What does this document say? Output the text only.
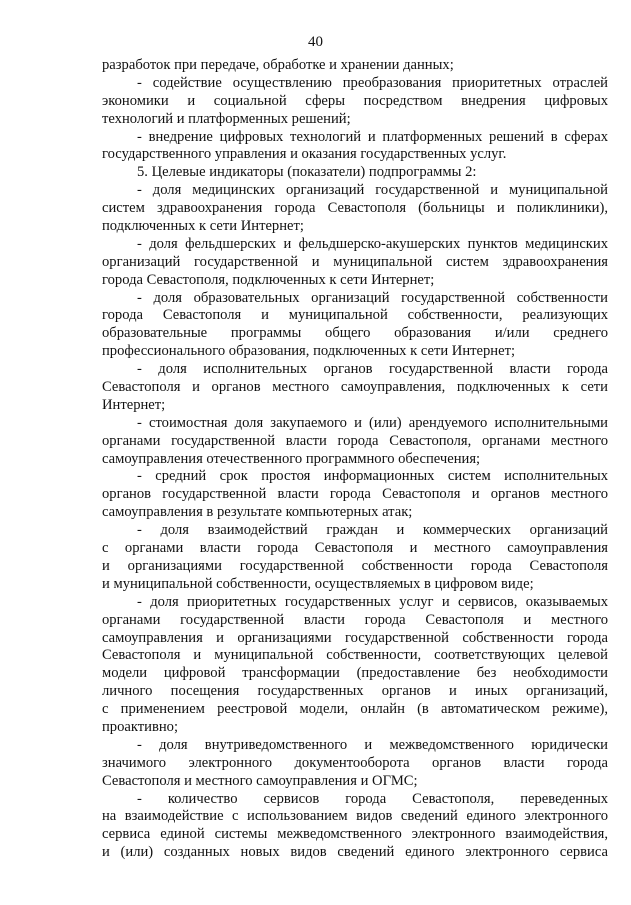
40
разработок при передаче, обработке и хранении данных;
- содействие осуществлению преобразования приоритетных отраслей
экономики и социальной сферы посредством внедрения цифровых
технологий и платформенных решений;
- внедрение цифровых технологий и платформенных решений в сферах
государственного управления и оказания государственных услуг.
5. Целевые индикаторы (показатели) подпрограммы 2:
- доля медицинских организаций государственной и муниципальной
систем здравоохранения города Севастополя (больницы и поликлиники),
подключенных к сети Интернет;
- доля фельдшерских и фельдшерско-акушерских пунктов медицинских
организаций государственной и муниципальной систем здравоохранения
города Севастополя, подключенных к сети Интернет;
- доля образовательных организаций государственной собственности
города Севастополя и муниципальной собственности, реализующих
образовательные программы общего образования и/или среднего
профессионального образования, подключенных к сети Интернет;
- доля исполнительных органов государственной власти города
Севастополя и органов местного самоуправления, подключенных к сети
Интернет;
- стоимостная доля закупаемого и (или) арендуемого исполнительными
органами государственной власти города Севастополя, органами местного
самоуправления отечественного программного обеспечения;
- средний срок простоя информационных систем исполнительных
органов государственной власти города Севастополя и органов местного
самоуправления в результате компьютерных атак;
- доля взаимодействий граждан и коммерческих организаций
с органами власти города Севастополя и местного самоуправления
и организациями государственной собственности города Севастополя
и муниципальной собственности, осуществляемых в цифровом виде;
- доля приоритетных государственных услуг и сервисов, оказываемых
органами государственной власти города Севастополя и местного
самоуправления и организациями государственной собственности города
Севастополя и муниципальной собственности, соответствующих целевой
модели цифровой трансформации (предоставление без необходимости
личного посещения государственных органов и иных организаций,
с применением реестровой модели, онлайн (в автоматическом режиме),
проактивно;
- доля внутриведомственного и межведомственного юридически
значимого электронного документооборота органов власти города
Севастополя и местного самоуправления и ОГМС;
- количество сервисов города Севастополя, переведенных
на взаимодействие с использованием видов сведений единого электронного
сервиса единой системы межведомственного электронного взаимодействия,
и (или) созданных новых видов сведений единого электронного сервиса
